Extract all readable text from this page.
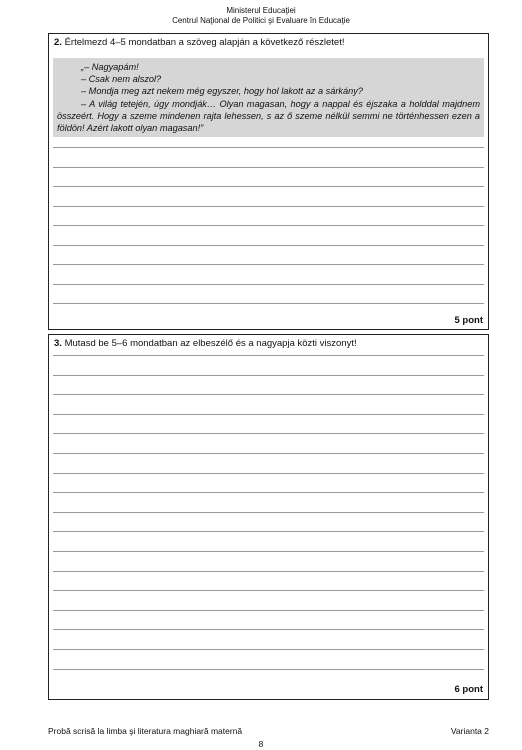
Ministerul Educaţiei
Centrul Naţional de Politici şi Evaluare în Educaţie
2. Értelmezd 4–5 mondatban a szöveg alapján a következő részletet!

„– Nagyapám!

– Csak nem alszol?

– Mondja meg azt nekem még egyszer, hogy hol lakott az a sárkány?

– A világ tetején, úgy mondják… Olyan magasan, hogy a nappal és éjszaka a holddal majdnem összeért. Hogy a szeme mindenen rajta lehessen, s az ő szeme nélkül semmi ne történhessen ezen a földön! Azért lakott olyan magasan!”

5 pont
3. Mutasd be 5–6 mondatban az elbeszélő és a nagyapja közti viszonyt!
6 pont
Probă scrisă la limba şi literatura maghiară maternă	Varianta 2
8
